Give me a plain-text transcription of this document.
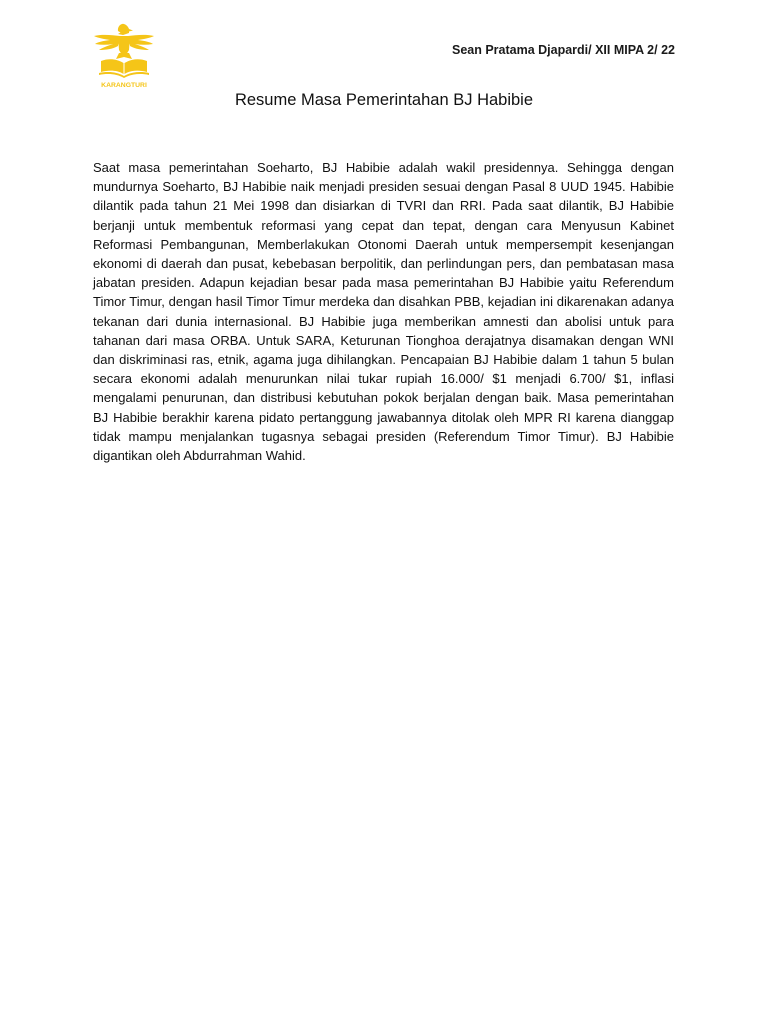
KARANGTURI
Sean Pratama Djapardi/ XII MIPA 2/ 22
Resume Masa Pemerintahan BJ Habibie

Saat masa pemerintahan Soeharto, BJ Habibie adalah wakil presidennya. Sehingga dengan mundurnya Soeharto, BJ Habibie naik menjadi presiden sesuai dengan Pasal 8 UUD 1945. Habibie dilantik pada tahun 21 Mei 1998 dan disiarkan di TVRI dan RRI. Pada saat dilantik, BJ Habibie berjanji untuk membentuk reformasi yang cepat dan tepat, dengan cara Menyusun Kabinet Reformasi Pembangunan, Memberlakukan Otonomi Daerah untuk mempersempit kesenjangan ekonomi di daerah dan pusat, kebebasan berpolitik, dan perlindungan pers, dan pembatasan masa jabatan presiden. Adapun kejadian besar pada masa pemerintahan BJ Habibie yaitu Referendum Timor Timur, dengan hasil Timor Timur merdeka dan disahkan PBB, kejadian ini dikarenakan adanya tekanan dari dunia internasional. BJ Habibie juga memberikan amnesti dan abolisi untuk para tahanan dari masa ORBA. Untuk SARA, Keturunan Tionghoa derajatnya disamakan dengan WNI dan diskriminasi ras, etnik, agama juga dihilangkan. Pencapaian BJ Habibie dalam 1 tahun 5 bulan secara ekonomi adalah menurunkan nilai tukar rupiah 16.000/ $1 menjadi 6.700/ $1, inflasi mengalami penurunan, dan distribusi kebutuhan pokok berjalan dengan baik. Masa pemerintahan BJ Habibie berakhir karena pidato pertanggung jawabannya ditolak oleh MPR RI karena dianggap tidak mampu menjalankan tugasnya sebagai presiden (Referendum Timor Timur). BJ Habibie digantikan oleh Abdurrahman Wahid.
